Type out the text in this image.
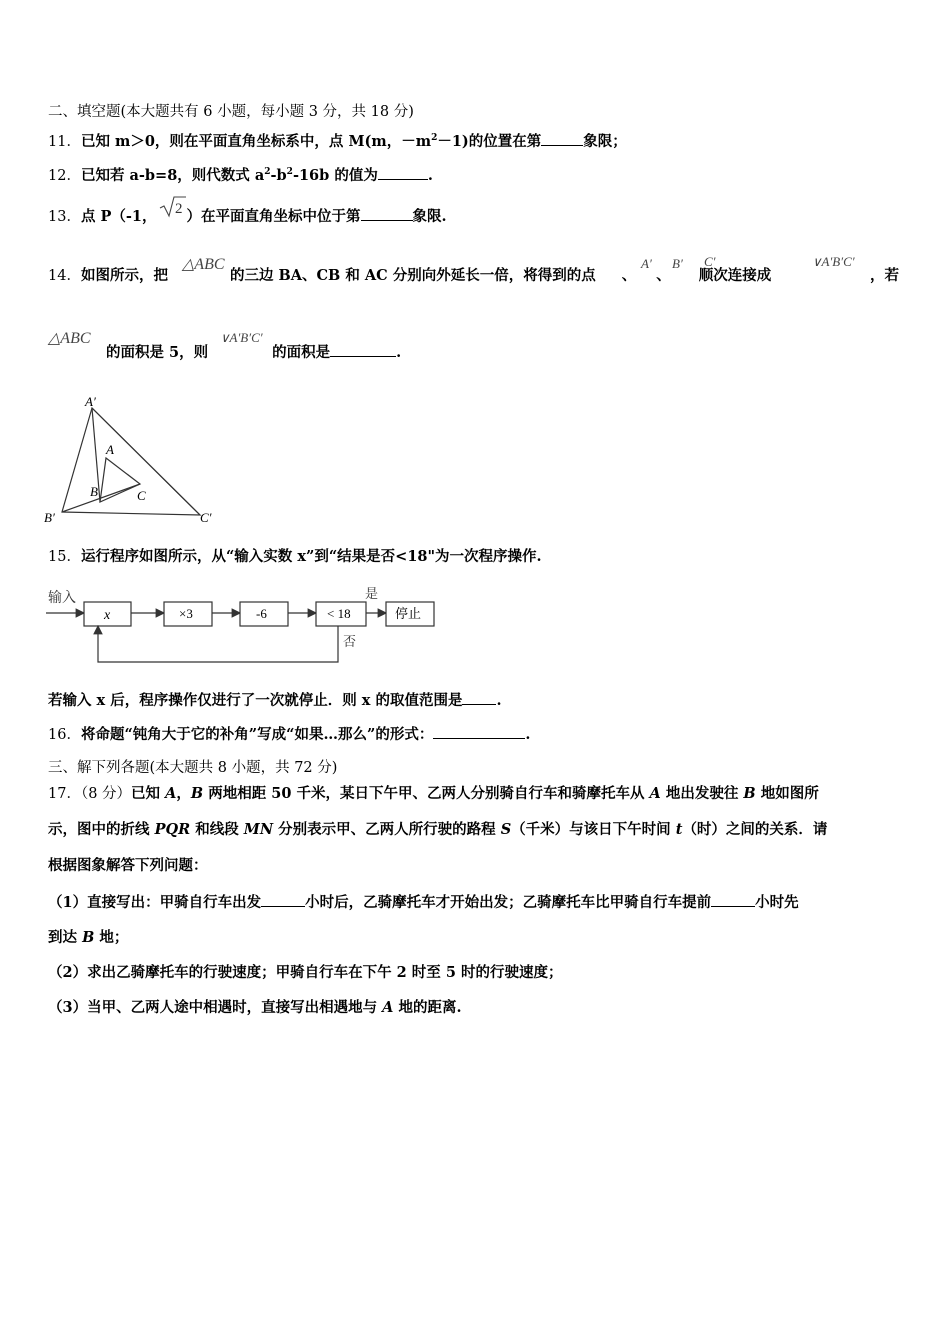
二、填空题(本大题共有 6 小题，每小题 3 分，共 18 分)
11．已知 m＞0，则在平面直角坐标系中，点 M(m，$-m^2-1$)的位置在第	象限；
12．已知若 a-b=8，则代数式 $a^2-b^2-16b$ 的值为	.
13．点 P（-1， ）在平面直角坐标中位于第	象限.
2
14．如图所示，把	的三边 BA、CB 和 AC 分别向外延长一倍，将得到的点 、 、 顺次连接成
△ABC	A′ B′ C′	∨A′B′C′
，若
△ABC
的面积是 5，则	的面积是	.
∨A′B′C′
A′
A
B	C
B′	C′
15．运行程序如图所示，从“输入实数 x”到“结果是否<18"为一次程序操作.
输入
x	×3	-6	< 18
是
停止
否
若输入 x 后，程序操作仅进行了一次就停止．则 x 的取值范围是 .
16．将命题“钝角大于它的补角”写成“如果…那么”的形式：	.
三、解下列各题(本大题共 8 小题，共 72 分)
17．（8 分）已知 A，B 两地相距 50 千米，某日下午甲、乙两人分别骑自行车和骑摩托车从 A 地出发驶往 B 地如图所
示，图中的折线 PQR 和线段 MN 分别表示甲、乙两人所行驶的路程 S（千米）与该日下午时间 t（时）之间的关系．请
根据图象解答下列问题：
（1）直接写出：甲骑自行车出发	小时后，乙骑摩托车才开始出发；乙骑摩托车比甲骑自行车提前	小时先
到达 B 地；
（2）求出乙骑摩托车的行驶速度；甲骑自行车在下午 2 时至 5 时的行驶速度；
（3）当甲、乙两人途中相遇时，直接写出相遇地与 A 地的距离.
